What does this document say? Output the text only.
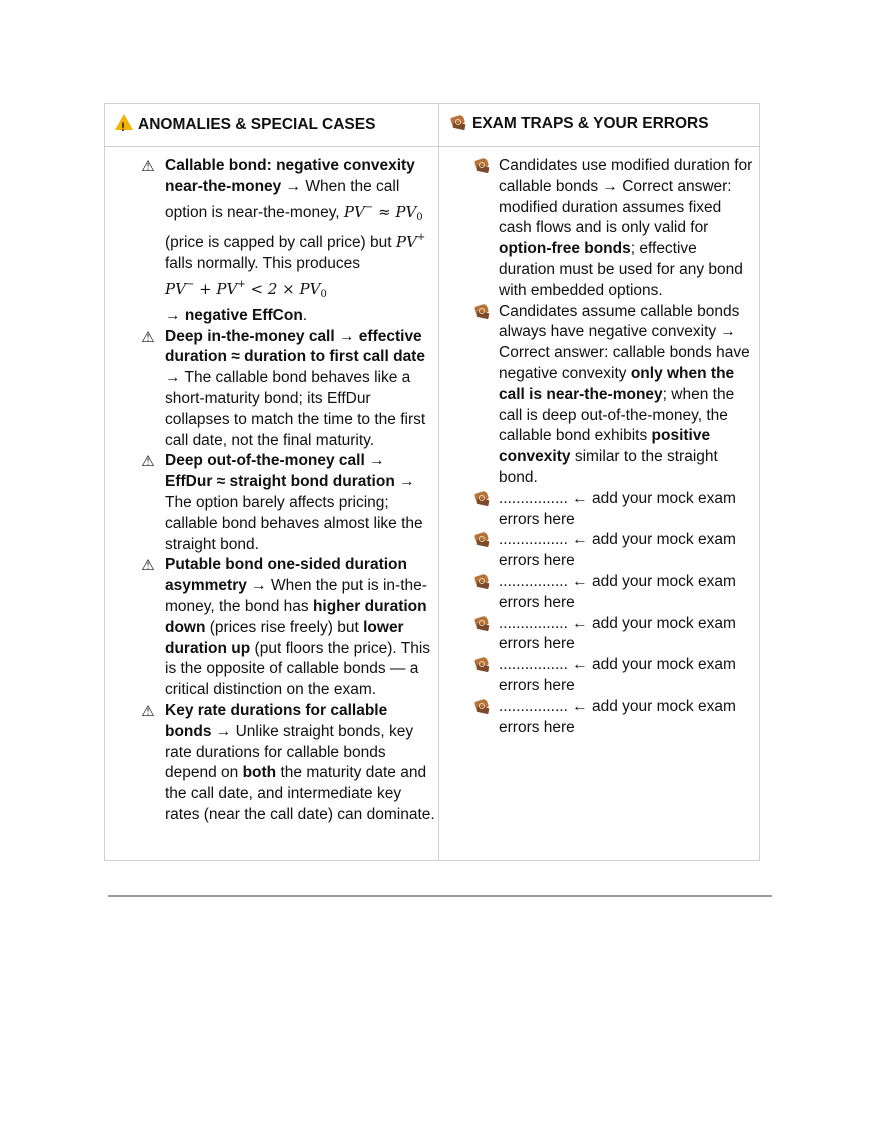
!
ANOMALIES & SPECIAL CASES	EXAM TRAPS & YOUR ERRORS
⚠ Callable bond: negative convexity near-the-money → When the call option is near-the-money, $PV^- \approx PV_0$ (price is capped by call price) but PV+ falls normally. This produces $PV^- + PV^+ < 2 \times PV_0$
→ negative EffCon.
⚠ Deep in-the-money call → effective duration ≈ duration to first call date → The callable bond behaves like a short-maturity bond; its EffDur collapses to match the time to the first call date, not the final maturity.
⚠ Deep out-of-the-money call → EffDur ≈ straight bond duration → The option barely affects pricing; callable bond behaves almost like the straight bond.
⚠ Putable bond one-sided duration asymmetry → When the put is in-the-money, the bond has higher duration down (prices rise freely) but lower duration up (put floors the price). This is the opposite of callable bonds — a critical distinction on the exam.
⚠ Key rate durations for callable bonds → Unlike straight bonds, key rate durations for callable bonds depend on both the maturity date and the call date, and intermediate key rates (near the call date) can dominate.
Candidates use modified duration for callable bonds → Correct answer: modified duration assumes fixed cash flows and is only valid for option-free bonds; effective duration must be used for any bond with embedded options.
Candidates assume callable bonds always have negative convexity → Correct answer: callable bonds have negative convexity only when the call is near-the-money; when the call is deep out-of-the-money, the callable bond exhibits positive convexity similar to the straight bond.
................ ← add your mock exam errors here
................ ← add your mock exam errors here
................ ← add your mock exam errors here
................ ← add your mock exam errors here
................ ← add your mock exam errors here
................ ← add your mock exam errors here
